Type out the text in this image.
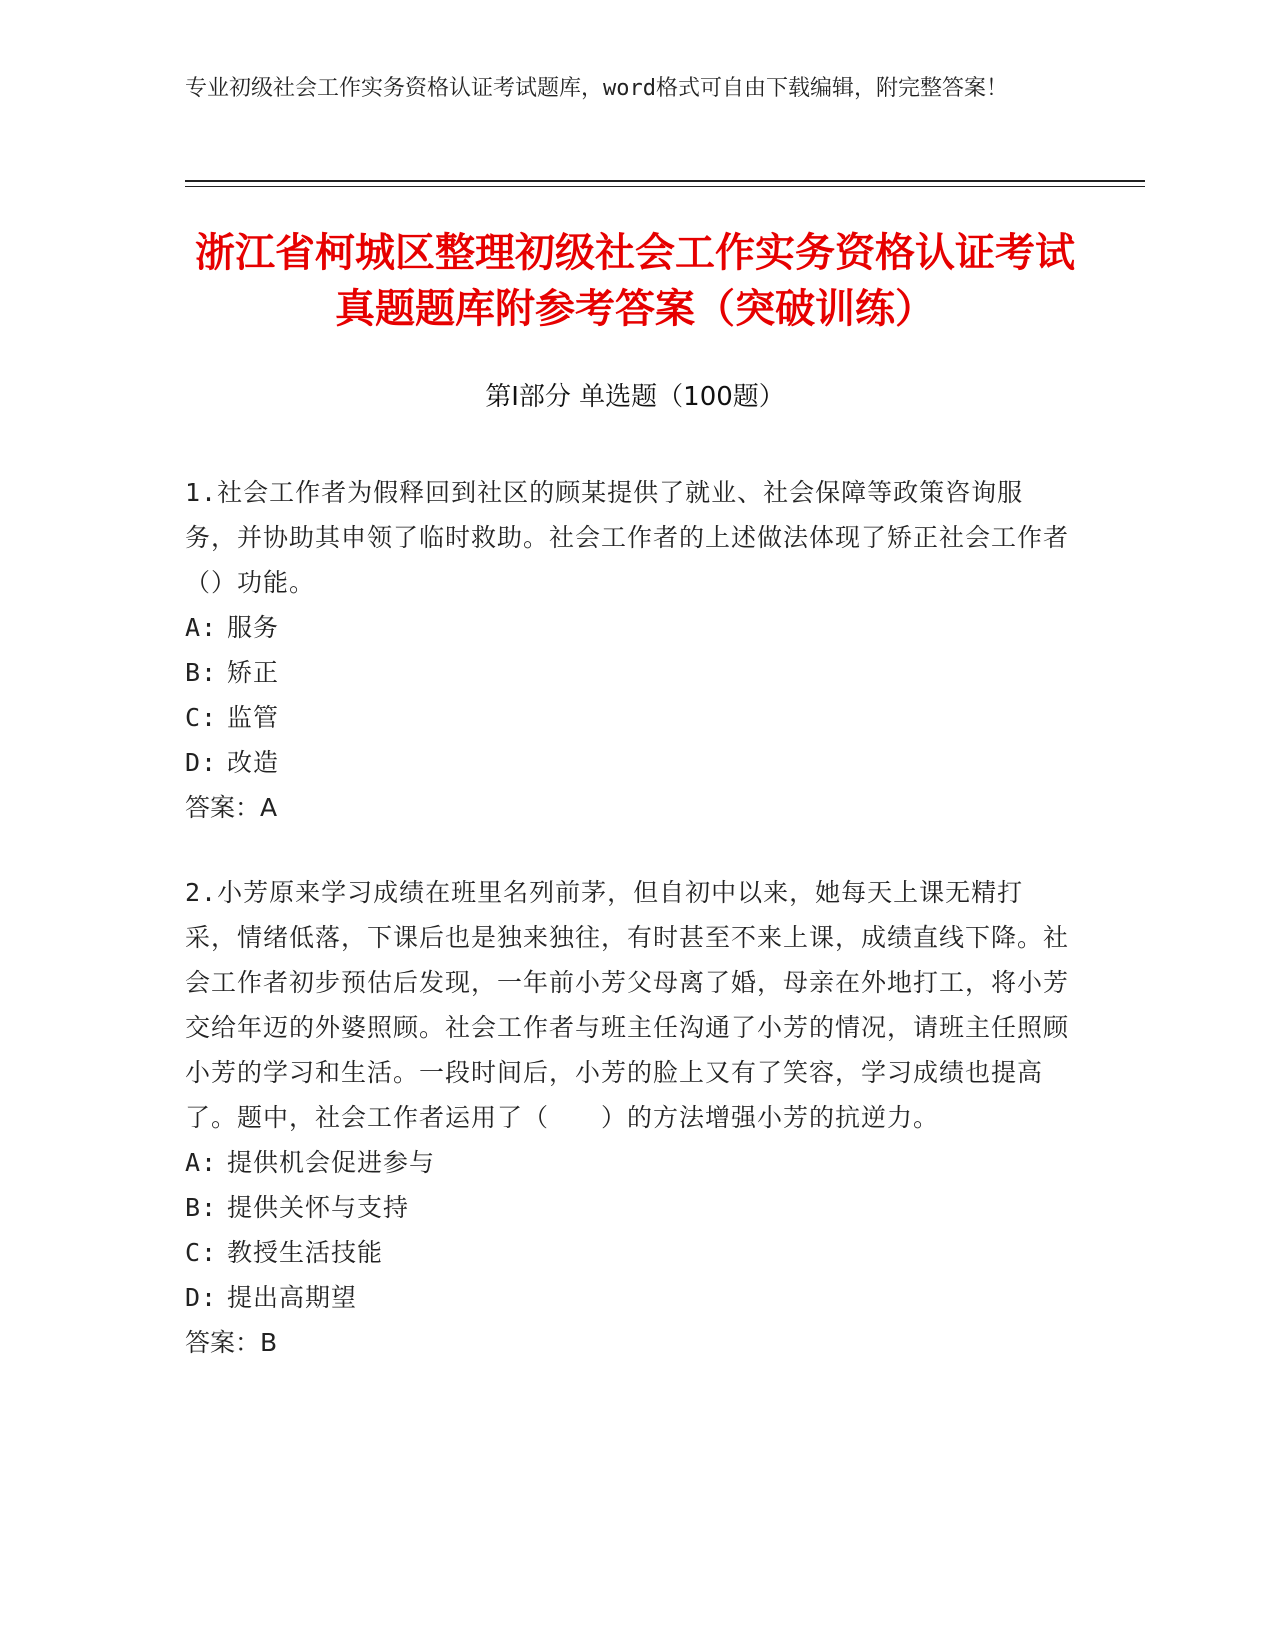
专业初级社会工作实务资格认证考试题库，word格式可自由下载编辑，附完整答案！
浙江省柯城区整理初级社会工作实务资格认证考试真题题库附参考答案（突破训练）
第Ⅰ部分 单选题（100题）

1.社会工作者为假释回到社区的顾某提供了就业、社会保障等政策咨询服务，并协助其申领了临时救助。社会工作者的上述做法体现了矫正社会工作者（）功能。

A: 服务

B: 矫正

C: 监管

D: 改造

答案：A

2.小芳原来学习成绩在班里名列前茅，但自初中以来，她每天上课无精打采，情绪低落，下课后也是独来独往，有时甚至不来上课，成绩直线下降。社会工作者初步预估后发现，一年前小芳父母离了婚，母亲在外地打工，将小芳交给年迈的外婆照顾。社会工作者与班主任沟通了小芳的情况，请班主任照顾小芳的学习和生活。一段时间后，小芳的脸上又有了笑容，学习成绩也提高了。题中，社会工作者运用了（　　）的方法增强小芳的抗逆力。

A: 提供机会促进参与

B: 提供关怀与支持

C: 教授生活技能

D: 提出高期望

答案：B
